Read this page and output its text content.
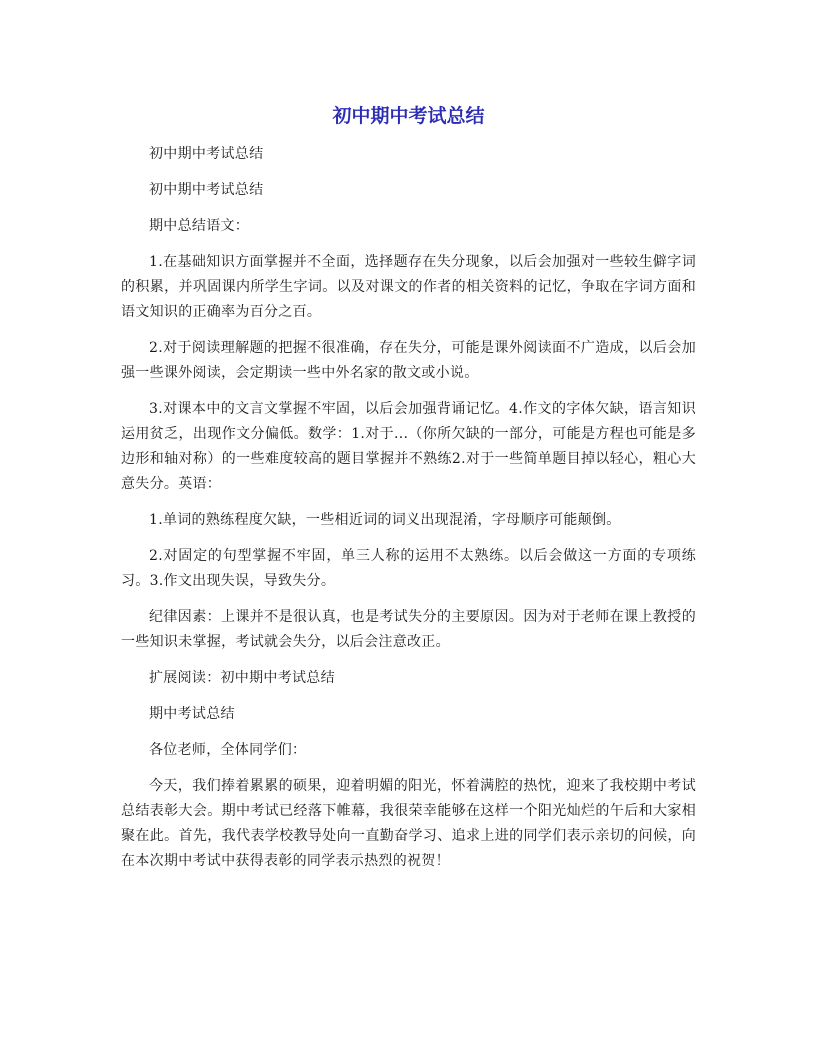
初中期中考试总结

初中期中考试总结

初中期中考试总结

期中总结语文：

1.在基础知识方面掌握并不全面，选择题存在失分现象，以后会加强对一些较生僻字词的积累，并巩固课内所学生字词。以及对课文的作者的相关资料的记忆，争取在字词方面和语文知识的正确率为百分之百。

2.对于阅读理解题的把握不很准确，存在失分，可能是课外阅读面不广造成，以后会加强一些课外阅读，会定期读一些中外名家的散文或小说。

3.对课本中的文言文掌握不牢固，以后会加强背诵记忆。4.作文的字体欠缺，语言知识运用贫乏，出现作文分偏低。数学：1.对于...（你所欠缺的一部分，可能是方程也可能是多边形和轴对称）的一些难度较高的题目掌握并不熟练2.对于一些简单题目掉以轻心，粗心大意失分。英语：

1.单词的熟练程度欠缺，一些相近词的词义出现混淆，字母顺序可能颠倒。

2.对固定的句型掌握不牢固，单三人称的运用不太熟练。以后会做这一方面的专项练习。3.作文出现失误，导致失分。

纪律因素：上课并不是很认真，也是考试失分的主要原因。因为对于老师在课上教授的一些知识未掌握，考试就会失分，以后会注意改正。

扩展阅读：初中期中考试总结

期中考试总结

各位老师，全体同学们：

今天，我们捧着累累的硕果，迎着明媚的阳光，怀着满腔的热忱，迎来了我校期中考试总结表彰大会。期中考试已经落下帷幕，我很荣幸能够在这样一个阳光灿烂的午后和大家相聚在此。首先，我代表学校教导处向一直勤奋学习、追求上进的同学们表示亲切的问候，向在本次期中考试中获得表彰的同学表示热烈的祝贺！
